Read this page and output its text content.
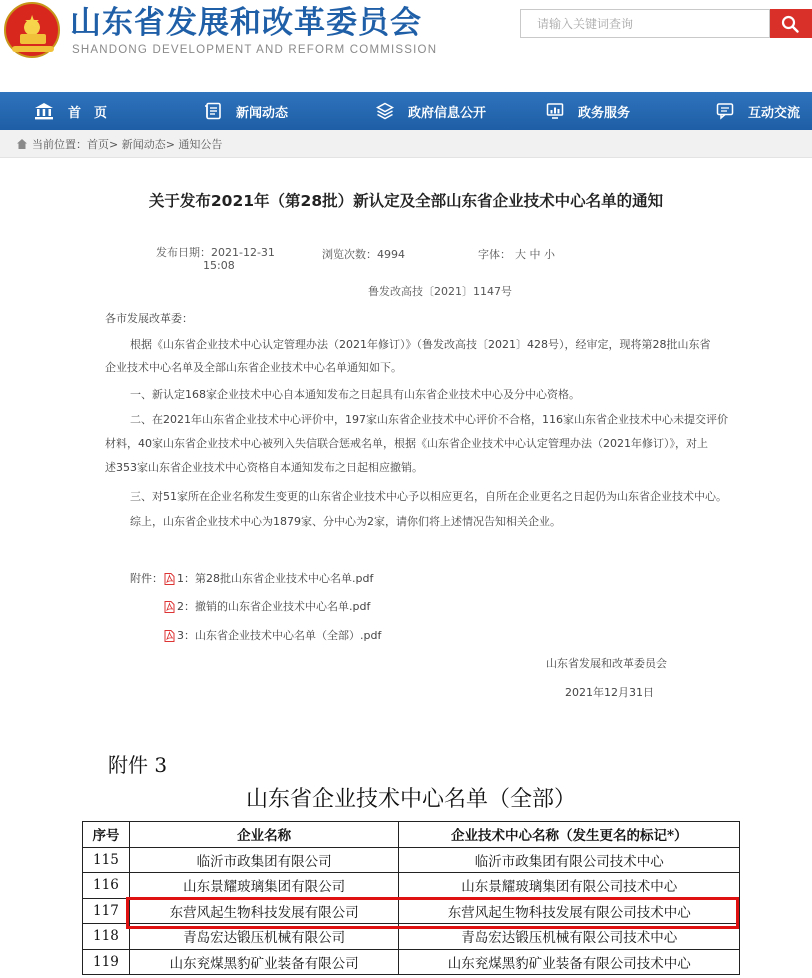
★ 山东省发展和改革委员会
SHANDONG DEVELOPMENT AND REFORM COMMISSION
请输入关键词查询
首　页	新闻动态	政府信息公开	政务服务	互动交流
当前位置： 首页> 新闻动态> 通知公告
关于发布2021年（第28批）新认定及全部山东省企业技术中心名单的通知
发布日期：2021-12-31
15:08
浏览次数：4994	字体： 大 中 小
鲁发改高技〔2021〕1147号
各市发展改革委：
根据《山东省企业技术中心认定管理办法（2021年修订）》（鲁发改高技〔2021〕428号），经审定，现将第28批山东省
企业技术中心名单及全部山东省企业技术中心名单通知如下。
一、新认定168家企业技术中心自本通知发布之日起具有山东省企业技术中心及分中心资格。
二、在2021年山东省企业技术中心评价中，197家山东省企业技术中心评价不合格，116家山东省企业技术中心未提交评价
材料，40家山东省企业技术中心被列入失信联合惩戒名单，根据《山东省企业技术中心认定管理办法（2021年修订）》，对上
述353家山东省企业技术中心资格自本通知发布之日起相应撤销。
三、对51家所在企业名称发生变更的山东省企业技术中心予以相应更名，自所在企业更名之日起仍为山东省企业技术中心。
综上，山东省企业技术中心为1879家、分中心为2家，请你们将上述情况告知相关企业。
附件： 1：第28批山东省企业技术中心名单.pdf
2：撤销的山东省企业技术中心名单.pdf
3：山东省企业技术中心名单（全部）.pdf
山东省发展和改革委员会
2021年12月31日
附件 3
山东省企业技术中心名单（全部）
序号	企业名称	企业技术中心名称（发生更名的标记*）
115	临沂市政集团有限公司	临沂市政集团有限公司技术中心
116	山东景耀玻璃集团有限公司	山东景耀玻璃集团有限公司技术中心
117	东营风起生物科技发展有限公司	东营风起生物科技发展有限公司技术中心
118	青岛宏达锻压机械有限公司	青岛宏达锻压机械有限公司技术中心
119	山东兖煤黑豹矿业装备有限公司	山东兖煤黑豹矿业装备有限公司技术中心
